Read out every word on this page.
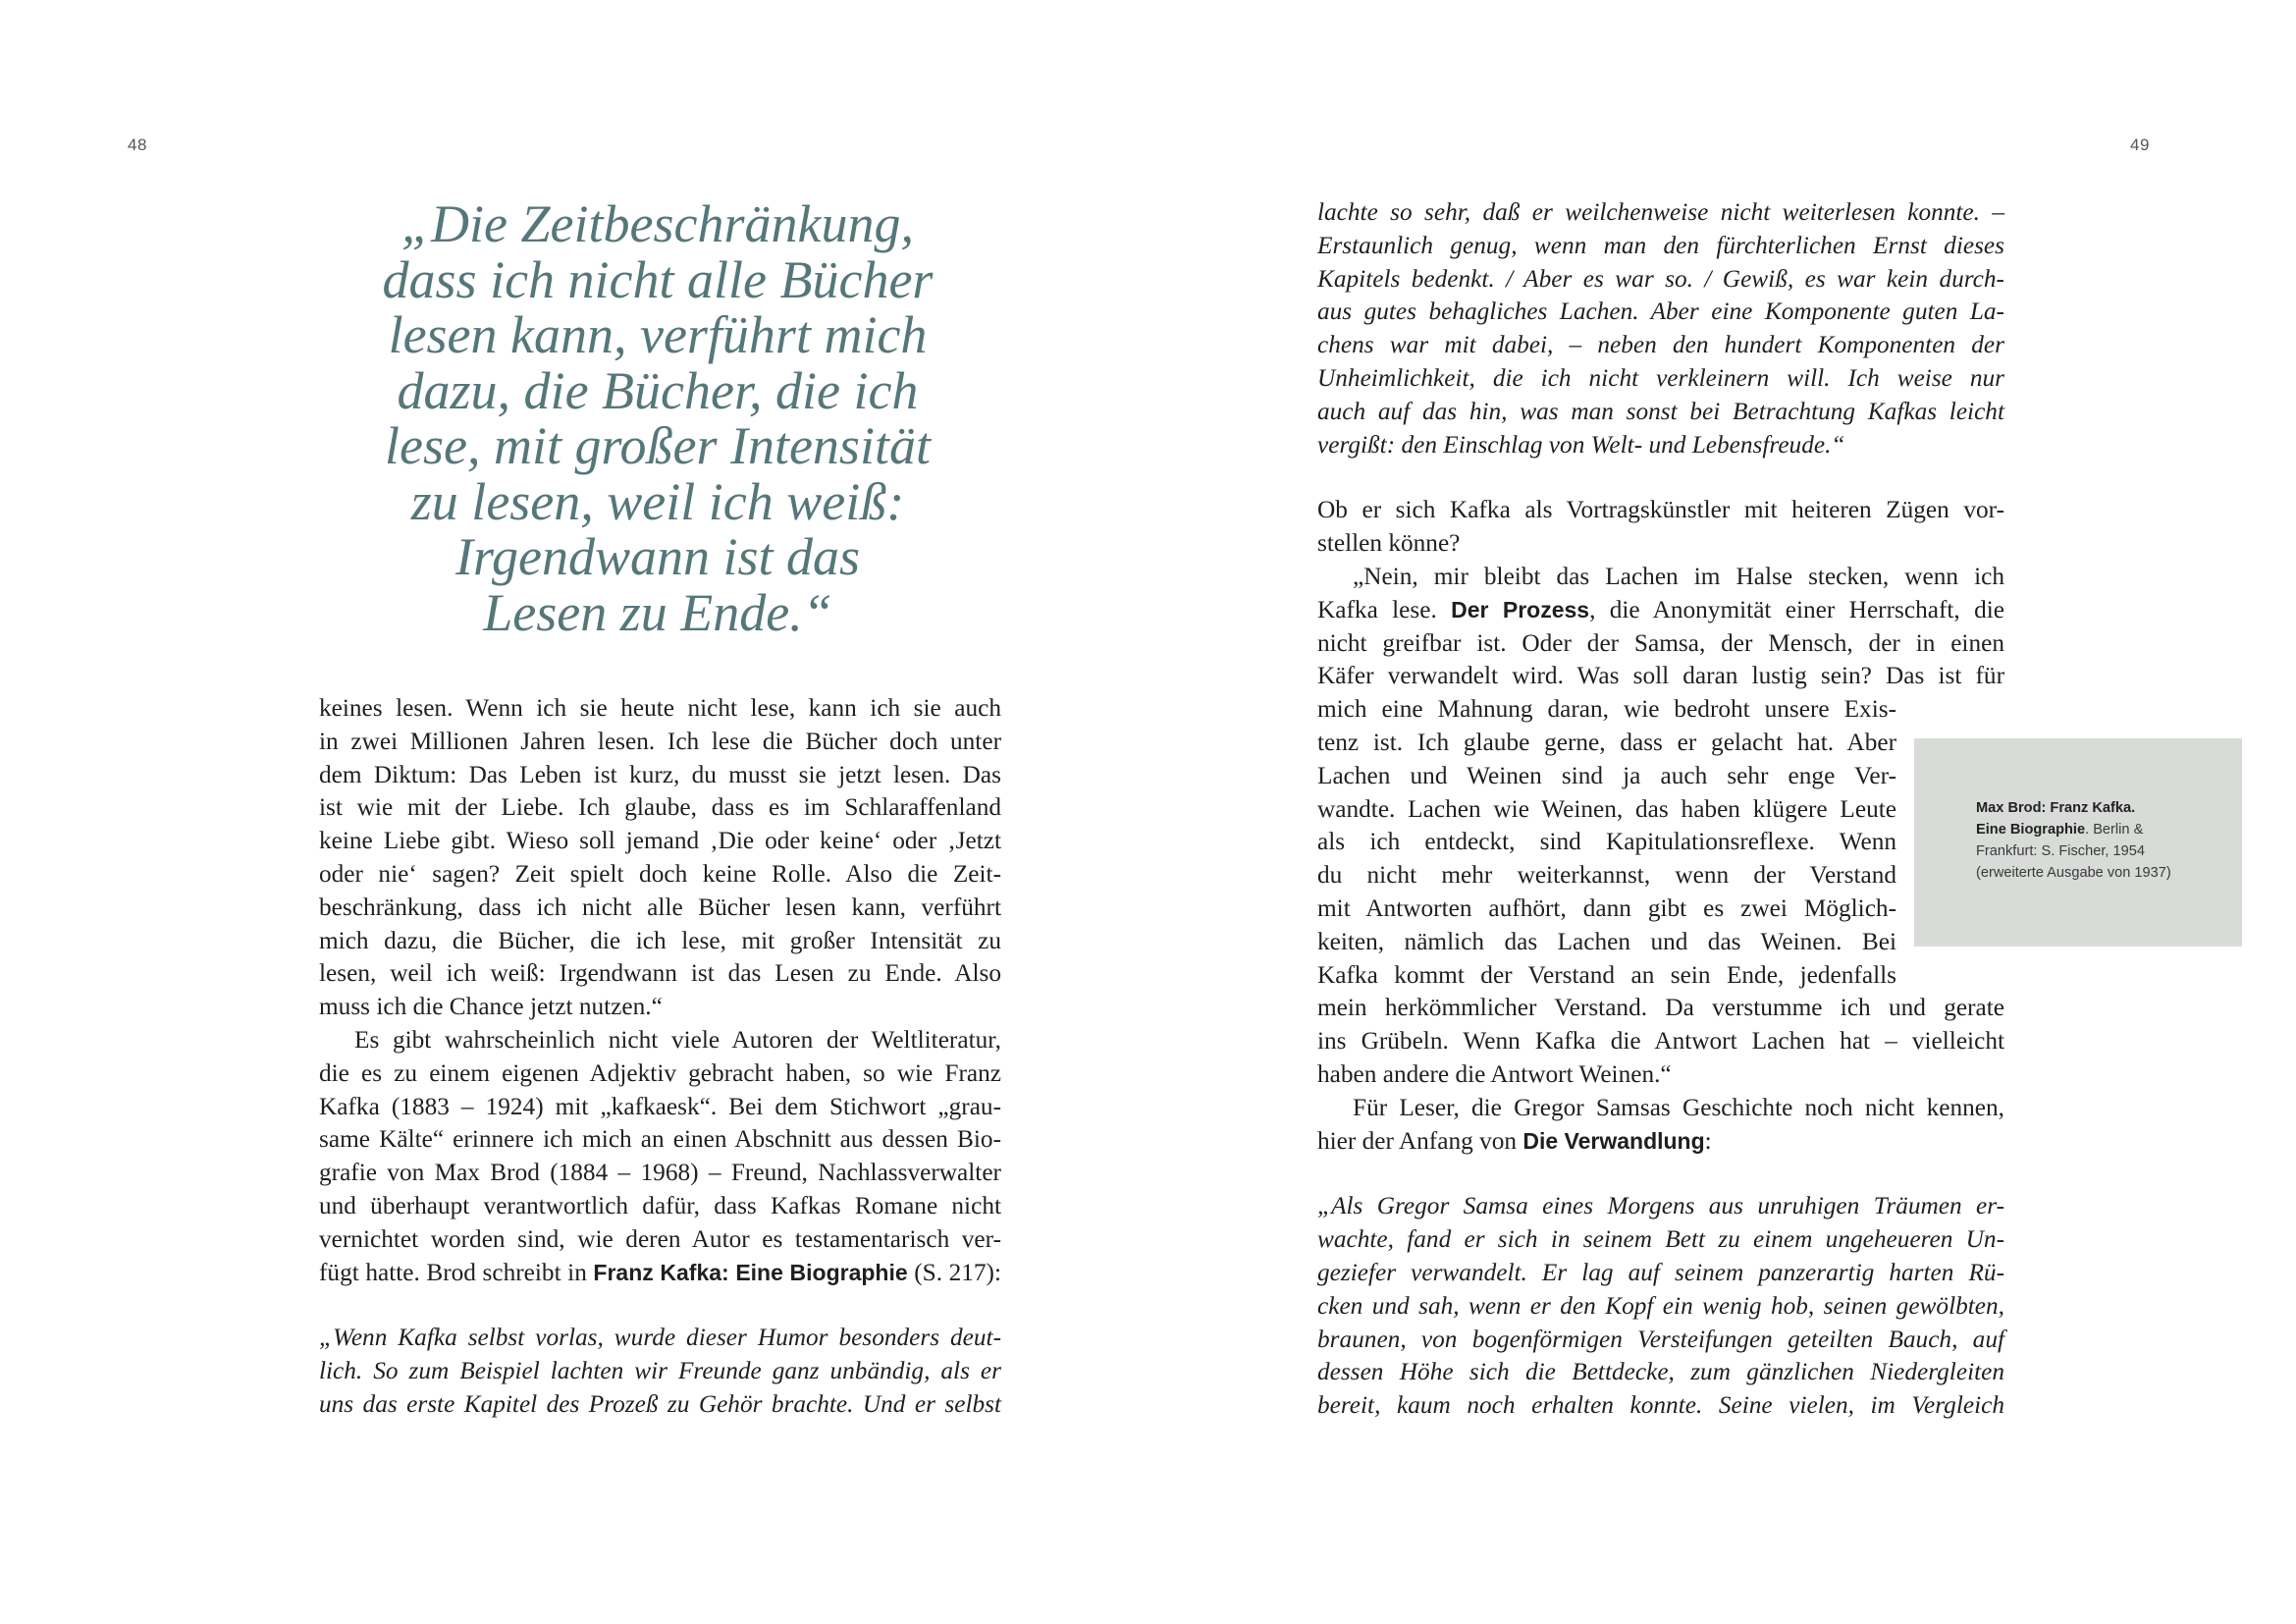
48	49
„Die Zeitbeschränkung,
dass ich nicht alle Bücher
lesen kann, verführt mich
dazu, die Bücher, die ich
lese, mit großer Intensität
zu lesen, weil ich weiß:
Irgendwann ist das
Lesen zu Ende.“
keines lesen. Wenn ich sie heute nicht lese, kann ich sie auch
in zwei Millionen Jahren lesen. Ich lese die Bücher doch unter
dem Diktum: Das Leben ist kurz, du musst sie jetzt lesen. Das
ist wie mit der Liebe. Ich glaube, dass es im Schlaraffenland
keine Liebe gibt. Wieso soll jemand ‚Die oder keine‘ oder ‚Jetzt
oder nie‘ sagen? Zeit spielt doch keine Rolle. Also die Zeit-
beschränkung, dass ich nicht alle Bücher lesen kann, verführt
mich dazu, die Bücher, die ich lese, mit großer Intensität zu
lesen, weil ich weiß: Irgendwann ist das Lesen zu Ende. Also
muss ich die Chance jetzt nutzen.“
Es gibt wahrscheinlich nicht viele Autoren der Weltliteratur,
die es zu einem eigenen Adjektiv gebracht haben, so wie Franz
Kafka (1883 – 1924) mit „kafkaesk“. Bei dem Stichwort „grau-
same Kälte“ erinnere ich mich an einen Abschnitt aus dessen Bio-
grafie von Max Brod (1884 – 1968) – Freund, Nachlassverwalter
und überhaupt verantwortlich dafür, dass Kafkas Romane nicht
vernichtet worden sind, wie deren Autor es testamentarisch ver-
fügt hatte. Brod schreibt in Franz Kafka: Eine Biographie (S. 217):
„Wenn Kafka selbst vorlas, wurde dieser Humor besonders deut-
lich. So zum Beispiel lachten wir Freunde ganz unbändig, als er
uns das erste Kapitel des Prozeß zu Gehör brachte. Und er selbst
lachte so sehr, daß er weilchenweise nicht weiterlesen konnte. –
Erstaunlich genug, wenn man den fürchterlichen Ernst dieses
Kapitels bedenkt. / Aber es war so. / Gewiß, es war kein durch-
aus gutes behagliches Lachen. Aber eine Komponente guten La-
chens war mit dabei, – neben den hundert Komponenten der
Unheimlichkeit, die ich nicht verkleinern will. Ich weise nur
auch auf das hin, was man sonst bei Betrachtung Kafkas leicht
vergißt: den Einschlag von Welt- und Lebensfreude.“
Ob er sich Kafka als Vortragskünstler mit heiteren Zügen vor-
stellen könne?
„Nein, mir bleibt das Lachen im Halse stecken, wenn ich
Kafka lese. Der Prozess, die Anonymität einer Herrschaft, die
nicht greifbar ist. Oder der Samsa, der Mensch, der in einen
Käfer verwandelt wird. Was soll daran lustig sein? Das ist für
mich eine Mahnung daran, wie bedroht unsere Exis-
tenz ist. Ich glaube gerne, dass er gelacht hat. Aber
Lachen und Weinen sind ja auch sehr enge Ver-
wandte. Lachen wie Weinen, das haben klügere Leute
als ich entdeckt, sind Kapitulationsreflexe. Wenn
du nicht mehr weiterkannst, wenn der Verstand
mit Antworten aufhört, dann gibt es zwei Möglich-
keiten, nämlich das Lachen und das Weinen. Bei
Kafka kommt der Verstand an sein Ende, jedenfalls
mein herkömmlicher Verstand. Da verstumme ich und gerate
ins Grübeln. Wenn Kafka die Antwort Lachen hat – vielleicht
haben andere die Antwort Weinen.“
Für Leser, die Gregor Samsas Geschichte noch nicht kennen,
hier der Anfang von Die Verwandlung:
„Als Gregor Samsa eines Morgens aus unruhigen Träumen er-
wachte, fand er sich in seinem Bett zu einem ungeheueren Un-
geziefer verwandelt. Er lag auf seinem panzerartig harten Rü-
cken und sah, wenn er den Kopf ein wenig hob, seinen gewölbten,
braunen, von bogenförmigen Versteifungen geteilten Bauch, auf
dessen Höhe sich die Bettdecke, zum gänzlichen Niedergleiten
bereit, kaum noch erhalten konnte. Seine vielen, im Vergleich
Max Brod: Franz Kafka.
Eine Biographie. Berlin &
Frankfurt: S. Fischer, 1954
(erweiterte Ausgabe von 1937)
